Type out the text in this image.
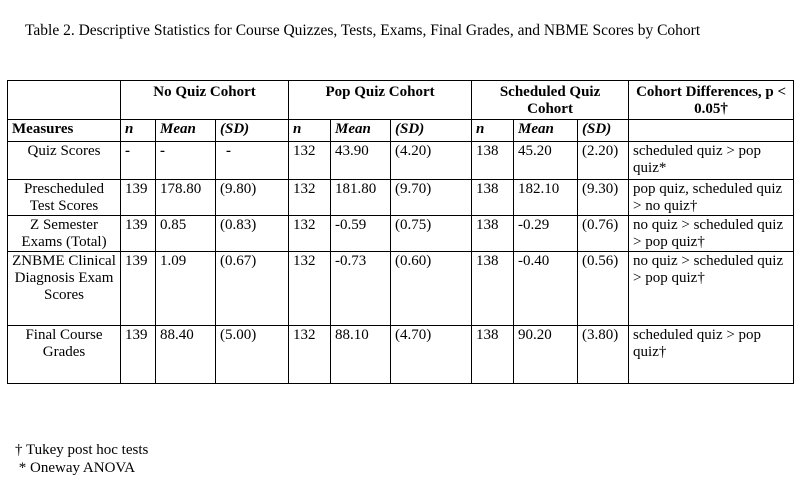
Table 2. Descriptive Statistics for Course Quizzes, Tests, Exams, Final Grades, and NBME Scores by Cohort
	No Quiz Cohort			Pop Quiz Cohort			Scheduled Quiz Cohort			Cohort Differences, p < 0.05†
Measures	n	Mean	(SD)	n	Mean	(SD)	n	Mean	(SD)	
Quiz Scores	-	-	-	132	43.90	(4.20)	138	45.20	(2.20)	scheduled quiz > pop quiz*
Prescheduled Test Scores	139	178.80	(9.80)	132	181.80	(9.70)	138	182.10	(9.30)	pop quiz, scheduled quiz > no quiz†
Z Semester Exams (Total)	139	0.85	(0.83)	132	-0.59	(0.75)	138	-0.29	(0.76)	no quiz > scheduled quiz > pop quiz†
ZNBME Clinical Diagnosis Exam Scores	139	1.09	(0.67)	132	-0.73	(0.60)	138	-0.40	(0.56)	no quiz > scheduled quiz > pop quiz†
Final Course Grades	139	88.40	(5.00)	132	88.10	(4.70)	138	90.20	(3.80)	scheduled quiz > pop quiz†
† Tukey post hoc tests
* Oneway ANOVA
